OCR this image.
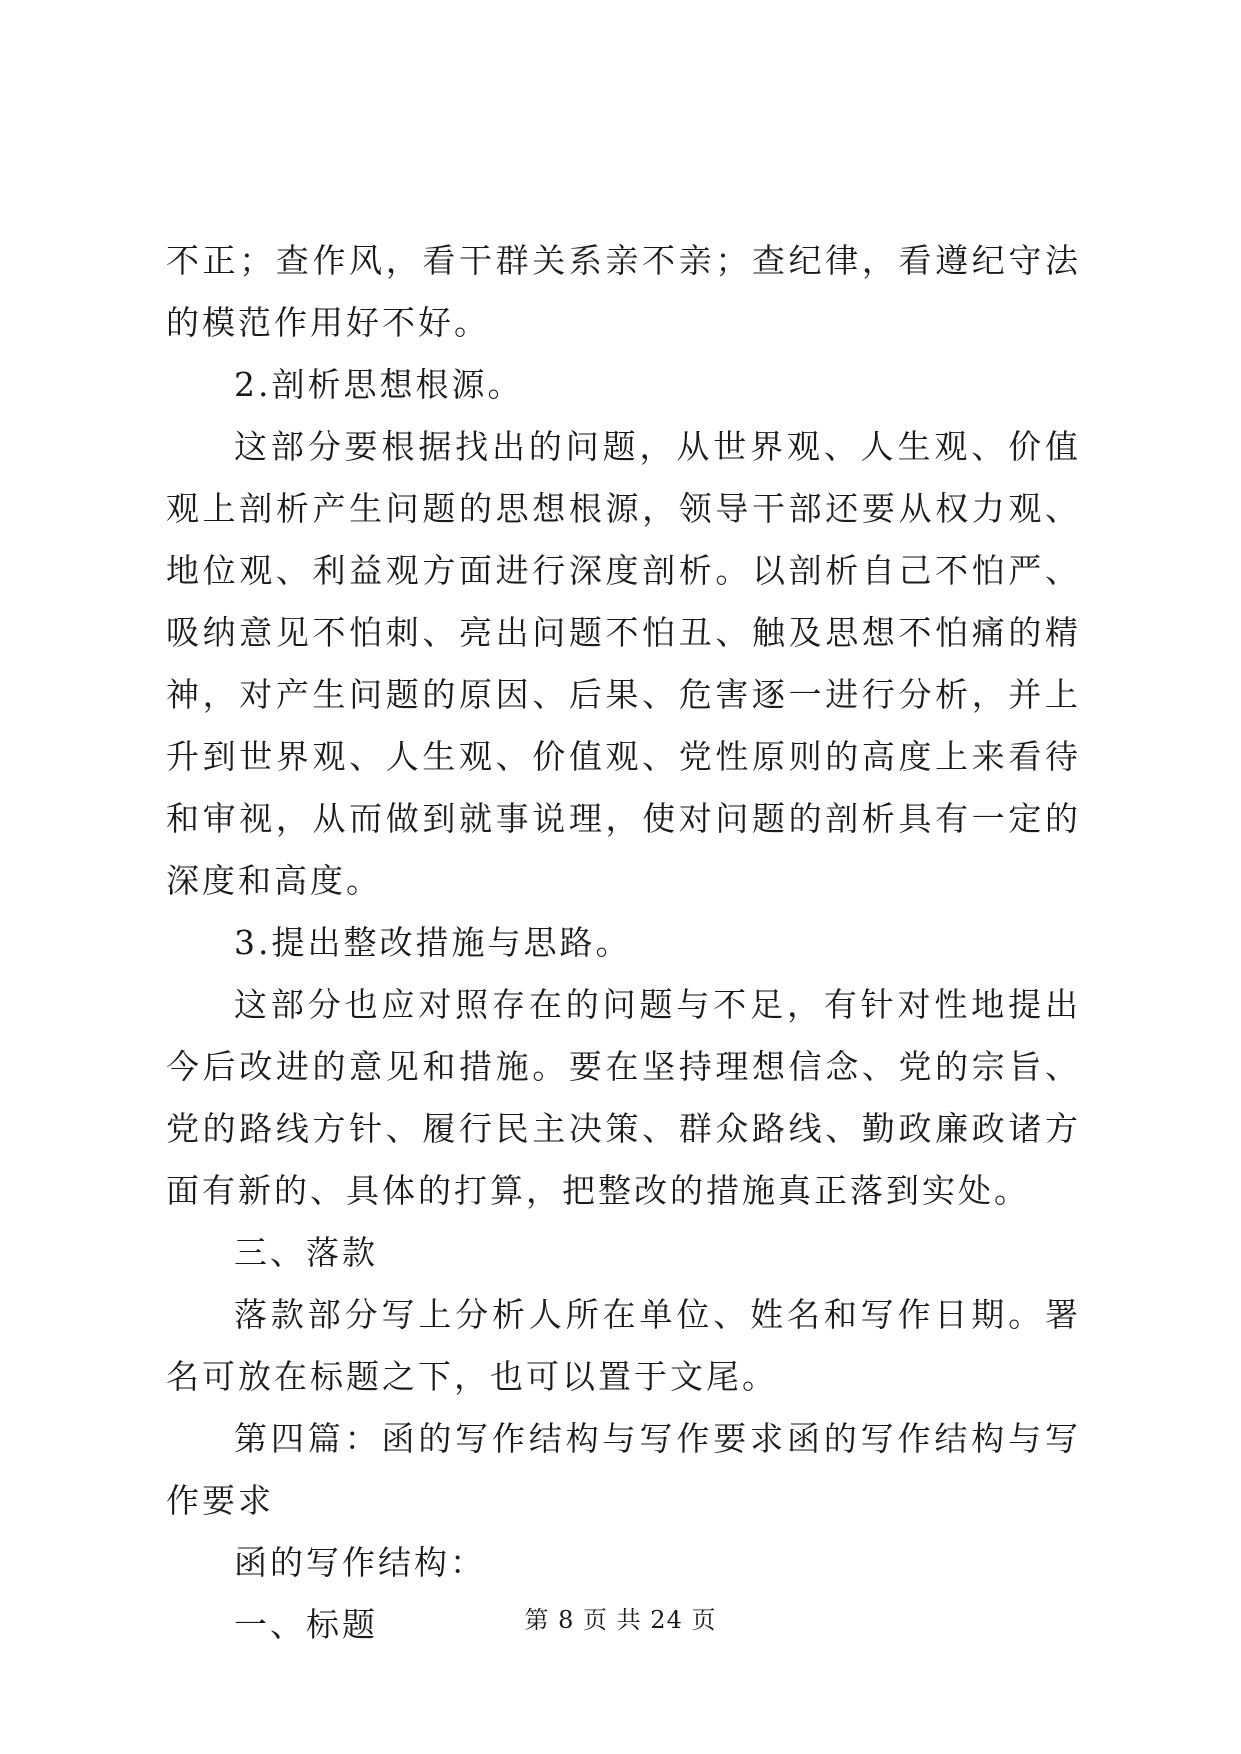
不正；查作风，看干群关系亲不亲；查纪律，看遵纪守法的模范作用好不好。

2.剖析思想根源。

这部分要根据找出的问题，从世界观、人生观、价值观上剖析产生问题的思想根源，领导干部还要从权力观、地位观、利益观方面进行深度剖析。以剖析自己不怕严、吸纳意见不怕刺、亮出问题不怕丑、触及思想不怕痛的精神，对产生问题的原因、后果、危害逐一进行分析，并上升到世界观、人生观、价值观、党性原则的高度上来看待和审视，从而做到就事说理，使对问题的剖析具有一定的深度和高度。

3.提出整改措施与思路。

这部分也应对照存在的问题与不足，有针对性地提出今后改进的意见和措施。要在坚持理想信念、党的宗旨、党的路线方针、履行民主决策、群众路线、勤政廉政诸方面有新的、具体的打算，把整改的措施真正落到实处。

三、落款

落款部分写上分析人所在单位、姓名和写作日期。署名可放在标题之下，也可以置于文尾。

第四篇：函的写作结构与写作要求函的写作结构与写作要求

函的写作结构：

一、标题	第 8 页 共 24 页
